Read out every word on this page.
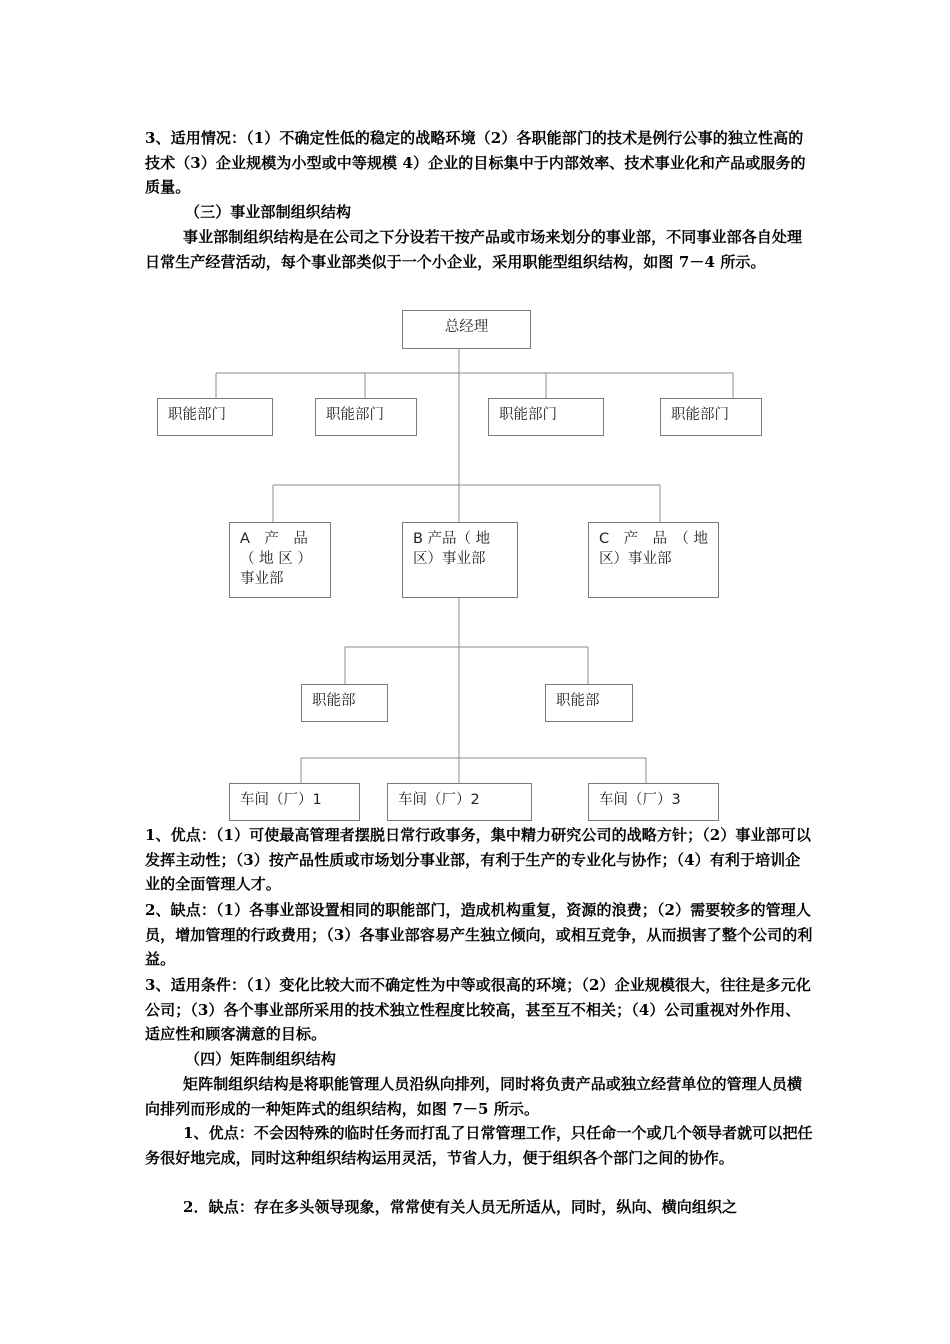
3、适用情况：（1）不确定性低的稳定的战略环境（2）各职能部门的技术是例行公事的独立性高的技术（3）企业规模为小型或中等规模 4）企业的目标集中于内部效率、技术事业化和产品或服务的质量。

（三）事业部制组织结构

事业部制组织结构是在公司之下分设若干按产品或市场来划分的事业部，不同事业部各自处理日常生产经营活动，每个事业部类似于一个小企业，采用职能型组织结构，如图 7－4 所示。

总经理
职能部门	职能部门	职能部门	职能部门
A　产　品
（ 地 区 ）
事业部
B 产品（ 地
区）事业部
C　产　品　（ 地
区）事业部
职能部	职能部
车间（厂）1	车间（厂）2	车间（厂）3

1、优点：（1）可使最高管理者摆脱日常行政事务，集中精力研究公司的战略方针；（2）事业部可以发挥主动性；（3）按产品性质或市场划分事业部，有利于生产的专业化与协作；（4）有利于培训企业的全面管理人才。

2、缺点：（1）各事业部设置相同的职能部门，造成机构重复，资源的浪费；（2）需要较多的管理人员，增加管理的行政费用；（3）各事业部容易产生独立倾向，或相互竞争，从而损害了整个公司的利益。

3、适用条件：（1）变化比较大而不确定性为中等或很高的环境；（2）企业规模很大，往往是多元化公司；（3）各个事业部所采用的技术独立性程度比较高，甚至互不相关；（4）公司重视对外作用、适应性和顾客满意的目标。

（四）矩阵制组织结构

矩阵制组织结构是将职能管理人员沿纵向排列，同时将负责产品或独立经营单位的管理人员横向排列而形成的一种矩阵式的组织结构，如图 7－5 所示。

1、优点：不会因特殊的临时任务而打乱了日常管理工作，只任命一个或几个领导者就可以把任务很好地完成，同时这种组织结构运用灵活，节省人力，便于组织各个部门之间的协作。

2．缺点：存在多头领导现象，常常使有关人员无所适从，同时，纵向、横向组织之
